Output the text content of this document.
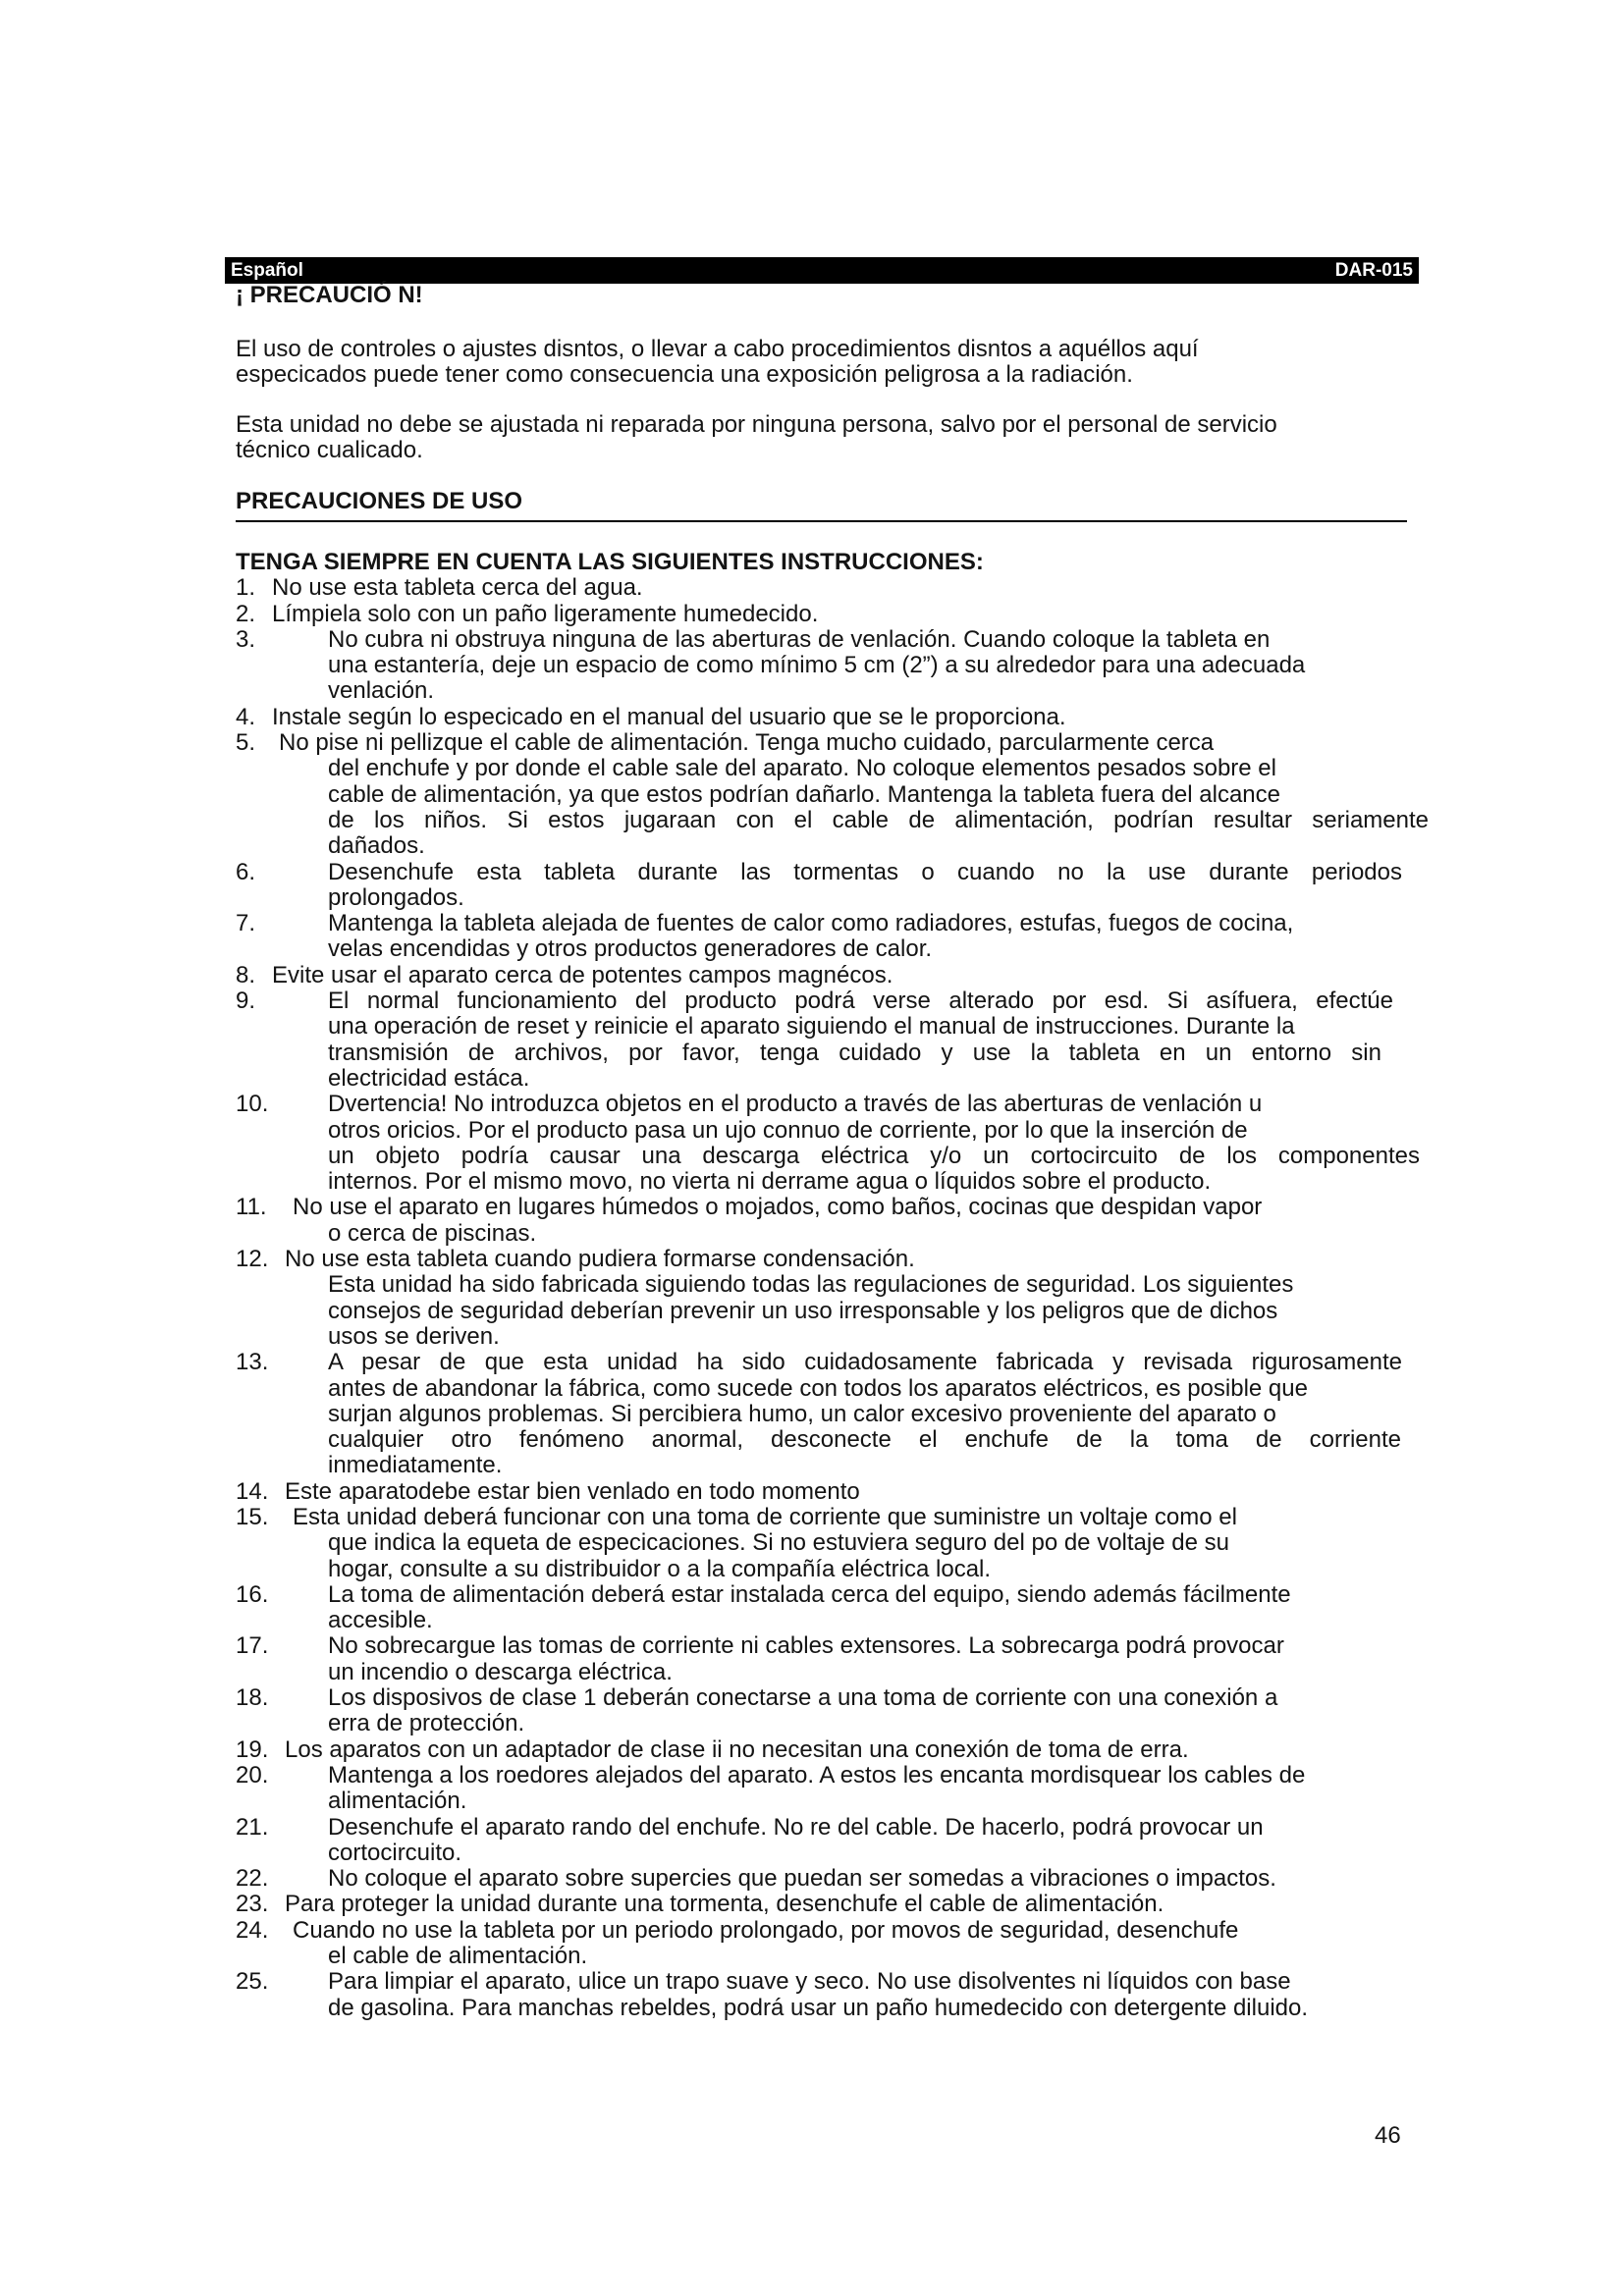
Español	DAR-015
¡ PRECAUCIÓ N!
El uso de controles o ajustes disntos, o llevar a cabo procedimientos disntos a aquéllos aquí
especicados puede tener como consecuencia una exposición peligrosa a la radiación.
Esta unidad no debe se ajustada ni reparada por ninguna persona, salvo por el personal de servicio
técnico cualicado.
PRECAUCIONES DE USO
TENGA SIEMPRE EN CUENTA LAS SIGUIENTES INSTRUCCIONES:
1. No use esta tableta cerca del agua.
2. Límpiela solo con un paño ligeramente humedecido.
3.	No cubra ni obstruya ninguna de las aberturas de venlación. Cuando coloque la tableta en
una estantería, deje un espacio de como mínimo 5 cm (2”) a su alrededor para una adecuada
venlación.
4. Instale según lo especicado en el manual del usuario que se le proporciona.
5. No pise ni pellizque el cable de alimentación. Tenga mucho cuidado, parcularmente cerca
del enchufe y por donde el cable sale del aparato. No coloque elementos pesados sobre el
cable de alimentación, ya que estos podrían dañarlo. Mantenga la tableta fuera del alcance
de los niños. Si estos jugaraan con el cable de alimentación, podrían resultar seriamente
dañados.
6.	Desenchufe esta tableta durante las tormentas o cuando no la use durante periodos
prolongados.
7.	Mantenga la tableta alejada de fuentes de calor como radiadores, estufas, fuegos de cocina,
velas encendidas y otros productos generadores de calor.
8. Evite usar el aparato cerca de potentes campos magnécos.
9.	El normal funcionamiento del producto podrá verse alterado por esd. Si asífuera, efectúe
una operación de reset y reinicie el aparato siguiendo el manual de instrucciones. Durante la
transmisión de archivos, por favor, tenga cuidado y use la tableta en un entorno sin
electricidad estáca.
10.	Dvertencia! No introduzca objetos en el producto a través de las aberturas de venlación u
otros oricios. Por el producto pasa un ujo connuo de corriente, por lo que la inserción de
un objeto podría causar una descarga eléctrica y/o un cortocircuito de los componentes
internos. Por el mismo movo, no vierta ni derrame agua o líquidos sobre el producto.
11. No use el aparato en lugares húmedos o mojados, como baños, cocinas que despidan vapor
o cerca de piscinas.
12. No use esta tableta cuando pudiera formarse condensación.
Esta unidad ha sido fabricada siguiendo todas las regulaciones de seguridad. Los siguientes
consejos de seguridad deberían prevenir un uso irresponsable y los peligros que de dichos
usos se deriven.
13.	A pesar de que esta unidad ha sido cuidadosamente fabricada y revisada rigurosamente
antes de abandonar la fábrica, como sucede con todos los aparatos eléctricos, es posible que
surjan algunos problemas. Si percibiera humo, un calor excesivo proveniente del aparato o
cualquier otro fenómeno anormal, desconecte el enchufe de la toma de corriente
inmediatamente.
14. Este aparatodebe estar bien venlado en todo momento
15. Esta unidad deberá funcionar con una toma de corriente que suministre un voltaje como el
que indica la equeta de especicaciones. Si no estuviera seguro del po de voltaje de su
hogar, consulte a su distribuidor o a la compañía eléctrica local.
16.	La toma de alimentación deberá estar instalada cerca del equipo, siendo además fácilmente
accesible.
17.	No sobrecargue las tomas de corriente ni cables extensores. La sobrecarga podrá provocar
un incendio o descarga eléctrica.
18.	Los disposivos de clase 1 deberán conectarse a una toma de corriente con una conexión a
erra de protección.
19. Los aparatos con un adaptador de clase ii no necesitan una conexión de toma de erra.
20.	Mantenga a los roedores alejados del aparato. A estos les encanta mordisquear los cables de
alimentación.
21.	Desenchufe el aparato rando del enchufe. No re del cable. De hacerlo, podrá provocar un
cortocircuito.
22.	No coloque el aparato sobre supercies que puedan ser somedas a vibraciones o impactos.
23. Para proteger la unidad durante una tormenta, desenchufe el cable de alimentación.
24. Cuando no use la tableta por un periodo prolongado, por movos de seguridad, desenchufe
el cable de alimentación.
25.	Para limpiar el aparato, ulice un trapo suave y seco. No use disolventes ni líquidos con base
de gasolina. Para manchas rebeldes, podrá usar un paño humedecido con detergente diluido.
46
